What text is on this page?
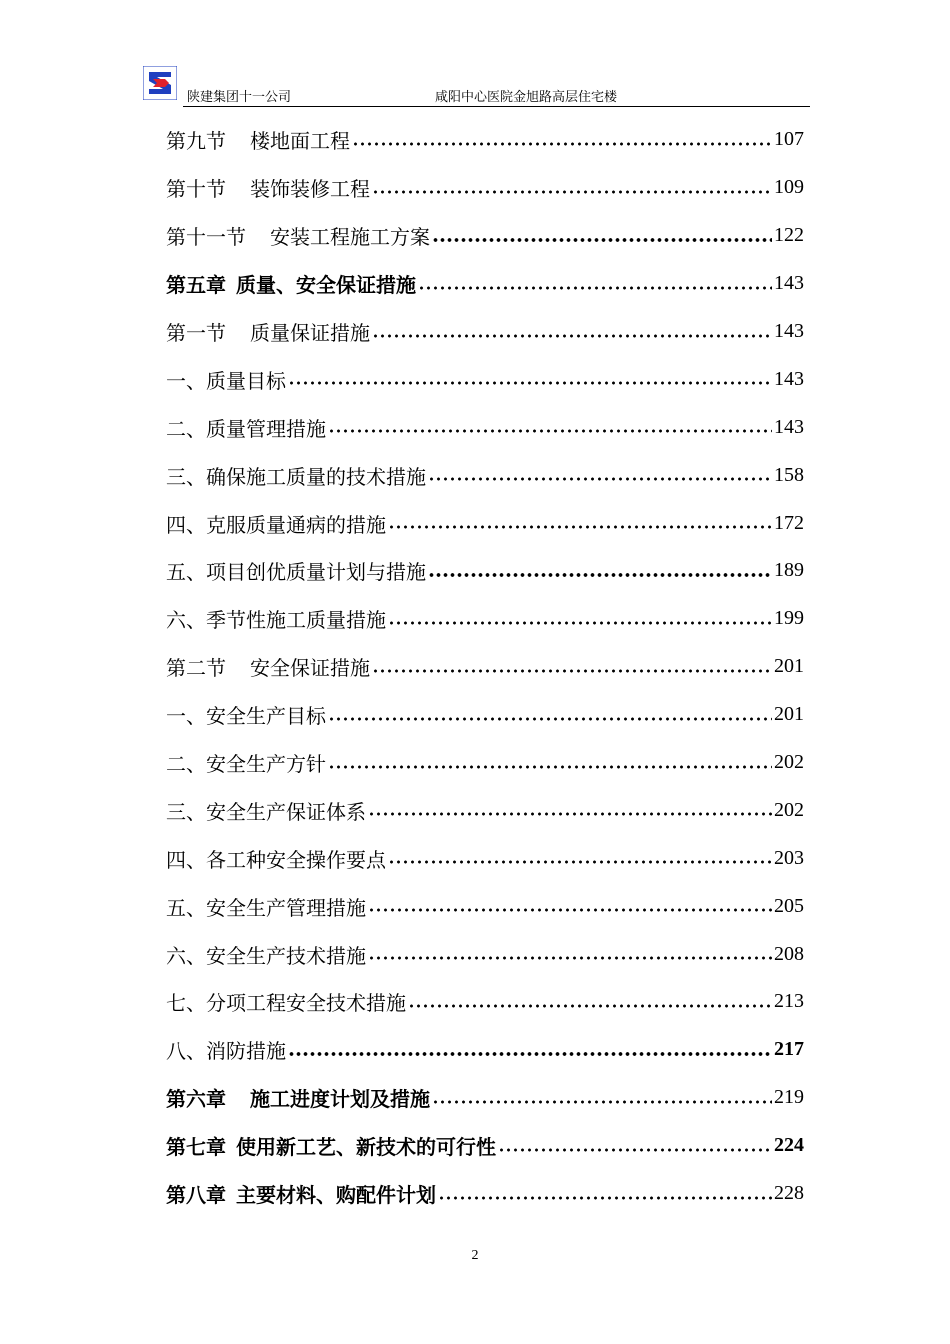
陕建集团十一公司	咸阳中心医院金旭路高层住宅楼
第九节 楼地面工程	107
第十节 装饰装修工程	109
第十一节 安装工程施工方案	122
第五章 质量、安全保证措施	143
第一节 质量保证措施	143
一、质量目标	143
二、质量管理措施	143
三、确保施工质量的技术措施	158
四、克服质量通病的措施	172
五、项目创优质量计划与措施	189
六、季节性施工质量措施	199
第二节 安全保证措施	201
一、安全生产目标	201
二、安全生产方针	202
三、安全生产保证体系	202
四、各工种安全操作要点	203
五、安全生产管理措施	205
六、安全生产技术措施	208
七、分项工程安全技术措施	213
八、消防措施	217
第六章 施工进度计划及措施	219
第七章 使用新工艺、新技术的可行性	224
第八章 主要材料、购配件计划	228
2
